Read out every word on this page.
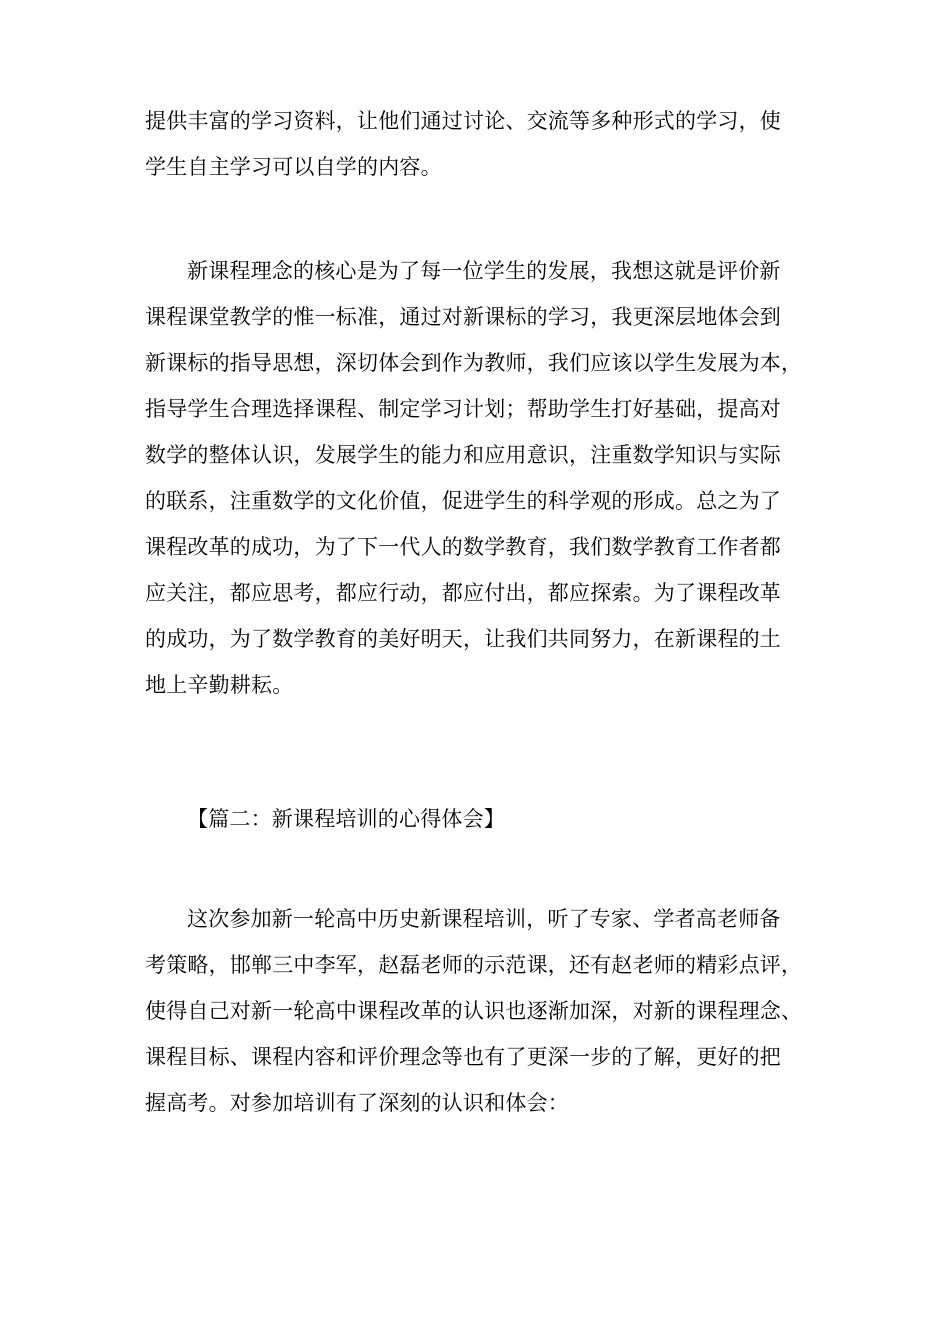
提供丰富的学习资料，让他们通过讨论、交流等多种形式的学习，使
学生自主学习可以自学的内容。
新课程理念的核心是为了每一位学生的发展，我想这就是评价新
课程课堂教学的惟一标准，通过对新课标的学习，我更深层地体会到
新课标的指导思想，深切体会到作为教师，我们应该以学生发展为本，
指导学生合理选择课程、制定学习计划；帮助学生打好基础，提高对
数学的整体认识，发展学生的能力和应用意识，注重数学知识与实际
的联系，注重数学的文化价值，促进学生的科学观的形成。总之为了
课程改革的成功，为了下一代人的数学教育，我们数学教育工作者都
应关注，都应思考，都应行动，都应付出，都应探索。为了课程改革
的成功，为了数学教育的美好明天，让我们共同努力，在新课程的土
地上辛勤耕耘。
【篇二：新课程培训的心得体会】
这次参加新一轮高中历史新课程培训，听了专家、学者高老师备
考策略，邯郸三中李军，赵磊老师的示范课，还有赵老师的精彩点评，
使得自己对新一轮高中课程改革的认识也逐渐加深，对新的课程理念、
课程目标、课程内容和评价理念等也有了更深一步的了解，更好的把
握高考。对参加培训有了深刻的认识和体会：
